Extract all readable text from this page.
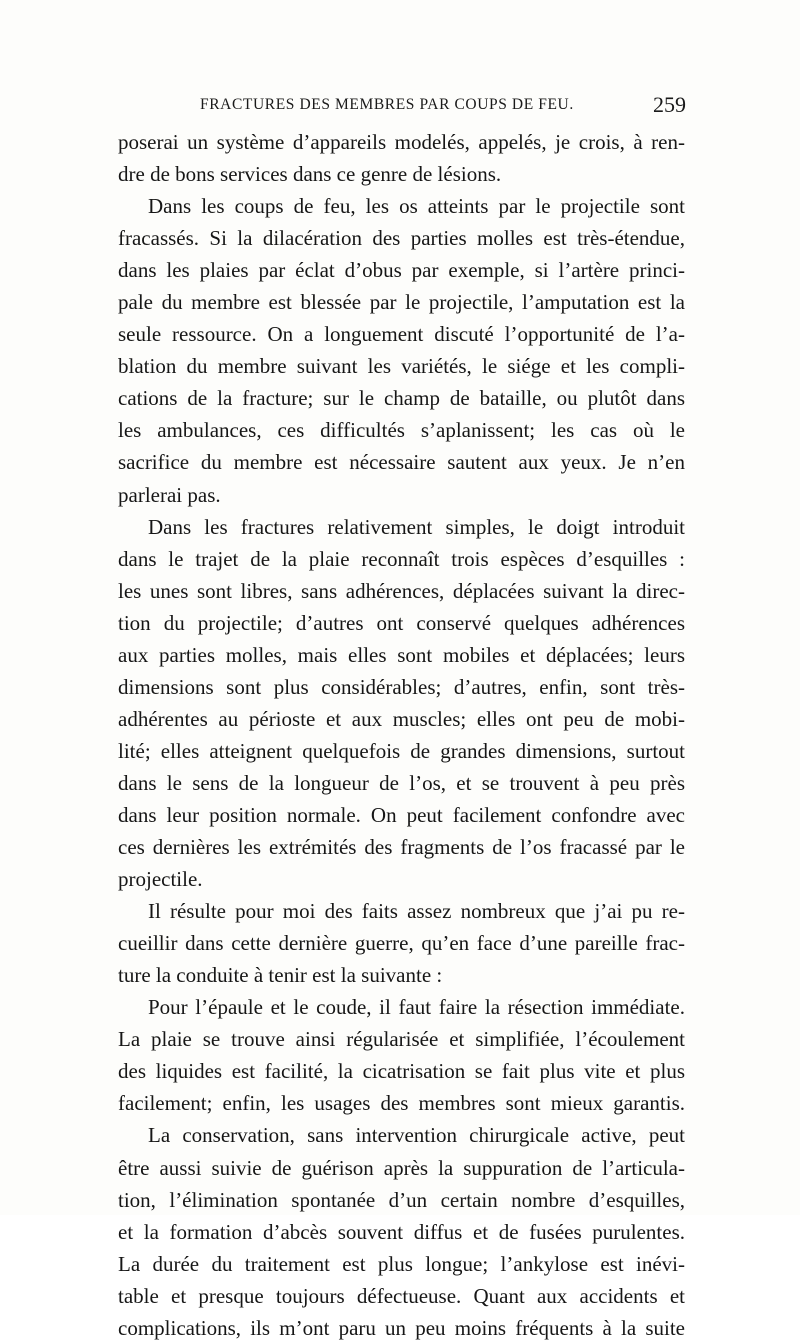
FRACTURES DES MEMBRES PAR COUPS DE FEU.	259
poserai un système d’appareils modelés, appelés, je crois, à ren-
dre de bons services dans ce genre de lésions.
Dans les coups de feu, les os atteints par le projectile sont
fracassés. Si la dilacération des parties molles est très-étendue,
dans les plaies par éclat d’obus par exemple, si l’artère princi-
pale du membre est blessée par le projectile, l’amputation est la
seule ressource. On a longuement discuté l’opportunité de l’a-
blation du membre suivant les variétés, le siége et les compli-
cations de la fracture; sur le champ de bataille, ou plutôt dans
les ambulances, ces difficultés s’aplanissent; les cas où le
sacrifice du membre est nécessaire sautent aux yeux. Je n’en
parlerai pas.
Dans les fractures relativement simples, le doigt introduit
dans le trajet de la plaie reconnaît trois espèces d’esquilles :
les unes sont libres, sans adhérences, déplacées suivant la direc-
tion du projectile; d’autres ont conservé quelques adhérences
aux parties molles, mais elles sont mobiles et déplacées; leurs
dimensions sont plus considérables; d’autres, enfin, sont très-
adhérentes au périoste et aux muscles; elles ont peu de mobi-
lité; elles atteignent quelquefois de grandes dimensions, surtout
dans le sens de la longueur de l’os, et se trouvent à peu près
dans leur position normale. On peut facilement confondre avec
ces dernières les extrémités des fragments de l’os fracassé par le
projectile.
Il résulte pour moi des faits assez nombreux que j’ai pu re-
cueillir dans cette dernière guerre, qu’en face d’une pareille frac-
ture la conduite à tenir est la suivante :
Pour l’épaule et le coude, il faut faire la résection immédiate.
La plaie se trouve ainsi régularisée et simplifiée, l’écoulement
des liquides est facilité, la cicatrisation se fait plus vite et plus
facilement; enfin, les usages des membres sont mieux garantis.
La conservation, sans intervention chirurgicale active, peut
être aussi suivie de guérison après la suppuration de l’articula-
tion, l’élimination spontanée d’un certain nombre d’esquilles,
et la formation d’abcès souvent diffus et de fusées purulentes.
La durée du traitement est plus longue; l’ankylose est inévi-
table et presque toujours défectueuse. Quant aux accidents et
complications, ils m’ont paru un peu moins fréquents à la suite
